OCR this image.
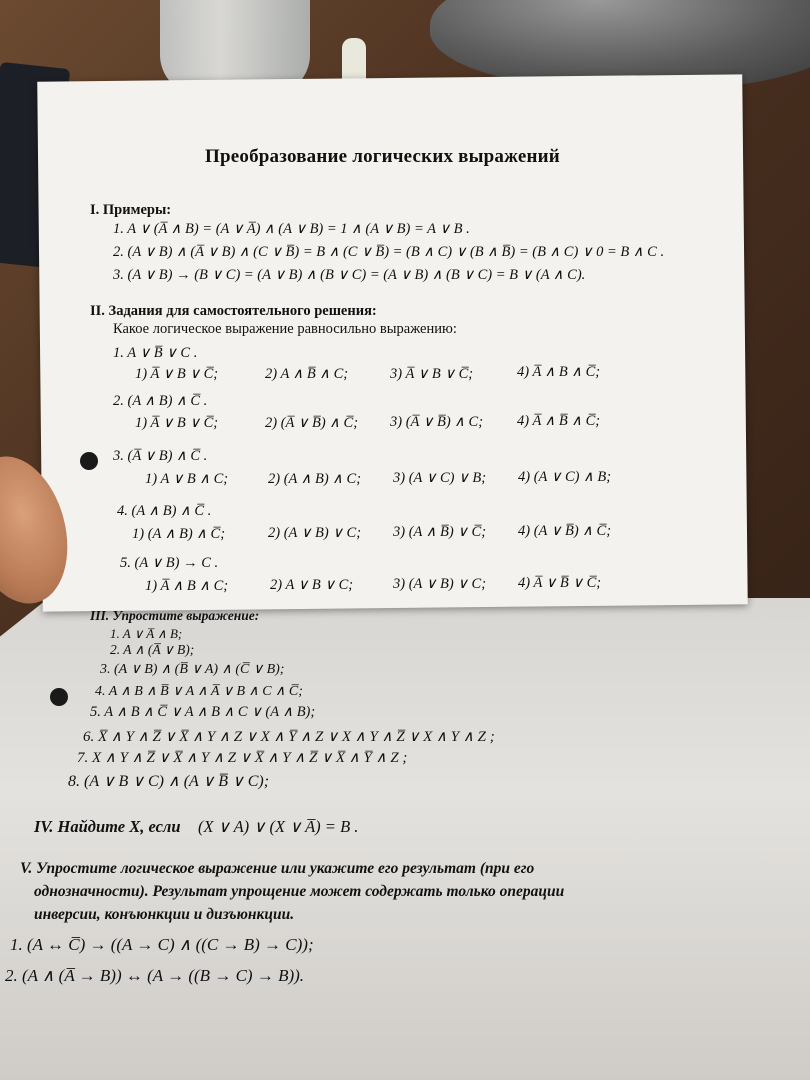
Преобразование логических выражений
I. Примеры:
1. A ∨ (A̅ ∧ B) = (A ∨ A̅) ∧ (A ∨ B) = 1 ∧ (A ∨ B) = A ∨ B .
2. (A ∨ B) ∧ (A̅ ∨ B) ∧ (C ∨ B̅) = B ∧ (C ∨ B̅) = (B ∧ C) ∨ (B ∧ B̅) = (B ∧ C) ∨ 0 = B ∧ C .
3. (A ∨ B) → (B ∨ C) = (A ∨ B) ∧ (B ∨ C) = (A ∨ B) ∧ (B ∨ C) = B ∨ (A ∧ C).
II. Задания для самостоятельного решения:
Какое логическое выражение равносильно выражению:
1. A ∨ B̅ ∨ C .
1) A̅ ∨ B ∨ C̅;	2) A ∧ B̅ ∧ C;	3) A̅ ∨ B ∨ C̅;	4) A̅ ∧ B ∧ C̅;
2. (A ∧ B) ∧ C̅ .
1) A̅ ∨ B ∨ C̅;	2) (A̅ ∨ B̅) ∧ C̅; 3) (A̅ ∨ B̅) ∧ C; 4) A̅ ∧ B̅ ∧ C̅;
3. (A̅ ∨ B) ∧ C̅ .
1) A ∨ B ∧ C;	2) (A ∧ B) ∧ C; 3) (A ∨ C) ∨ B; 4) (A ∨ C) ∧ B;
4. (A ∧ B) ∧ C̅ .
1) (A ∧ B) ∧ C̅;	2) (A ∨ B) ∨ C; 3) (A ∧ B̅) ∨ C̅; 4) (A ∨ B̅) ∧ C̅;
5. (A ∨ B) → C .
1) A̅ ∧ B ∧ C;	2) A ∨ B ∨ C;	3) (A ∨ B) ∨ C; 4) A̅ ∨ B̅ ∨ C̅;
III. Упростите выражение:
1. A ∨ A̅ ∧ B;
2. A ∧ (A̅ ∨ B);
3. (A ∨ B) ∧ (B̅ ∨ A) ∧ (C̅ ∨ B);
4. A ∧ B ∧ B̅ ∨ A ∧ A̅ ∨ B ∧ C ∧ C̅;
5. A ∧ B ∧ C̅ ∨ A ∧ B ∧ C ∨ (A ∧ B);
6. X̅ ∧ Y ∧ Z̅ ∨ X̅ ∧ Y ∧ Z ∨ X ∧ Y̅ ∧ Z ∨ X ∧ Y ∧ Z̅ ∨ X ∧ Y ∧ Z ;
7. X ∧ Y ∧ Z̅ ∨ X̅ ∧ Y ∧ Z ∨ X̅ ∧ Y ∧ Z̅ ∨ X̅ ∧ Y̅ ∧ Z ;
8. (A ∨ B ∨ C) ∧ (A ∨ B̅ ∨ C);
IV. Найдите X, если (X ∨ A) ∨ (X ∨ A̅) = B .
V. Упростите логическое выражение или укажите его результат (при его
однозначности). Результат упрощение может содержать только операции
инверсии, конъюнкции и дизъюнкции.
1. (A ↔ C̅) → ((A → C) ∧ ((C → B) → C));
2. (A ∧ (A̅ → B)) ↔ (A → ((B → C) → B)).
